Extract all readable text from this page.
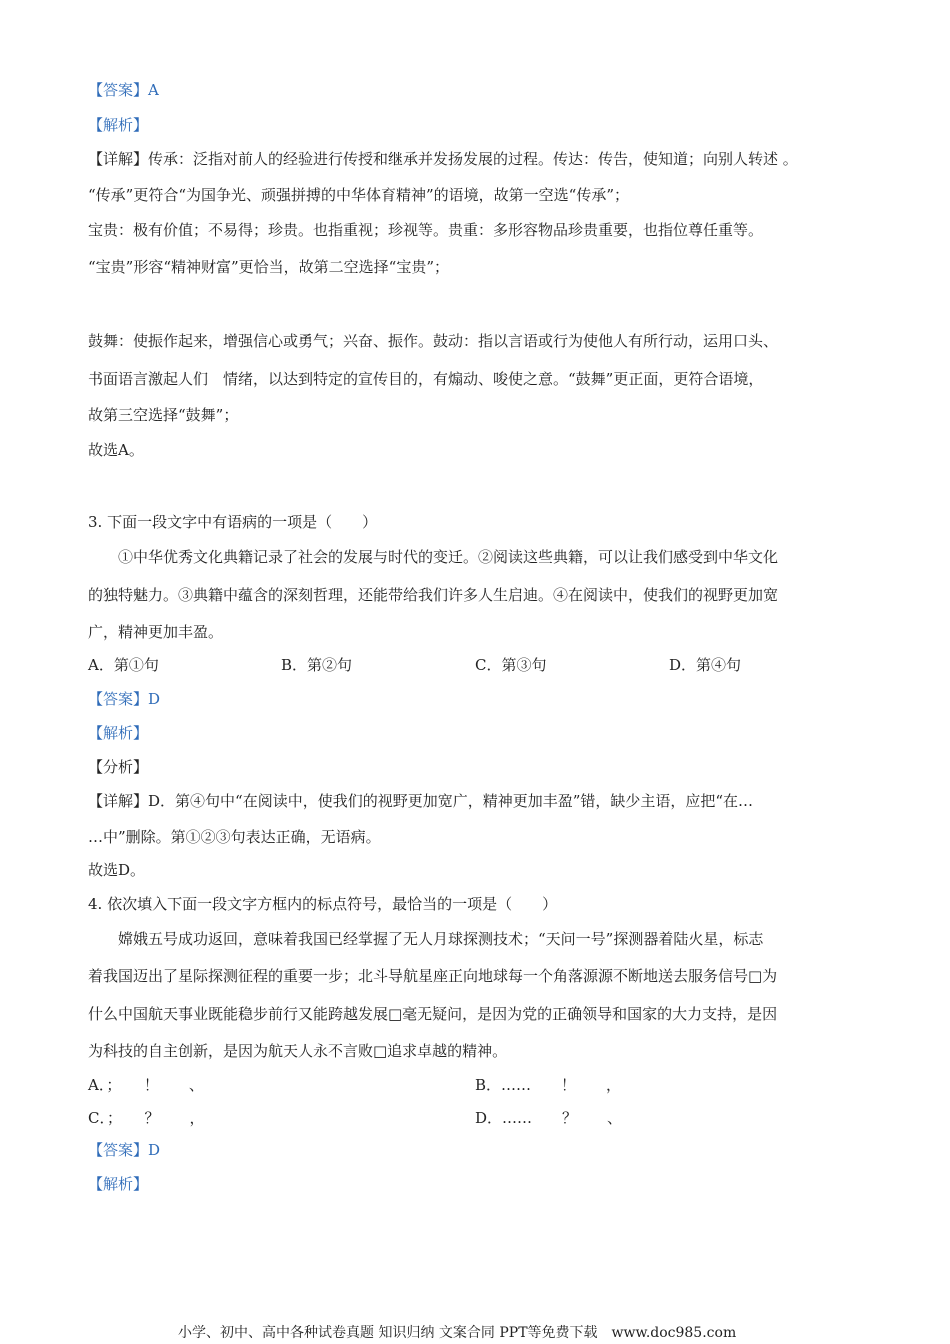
【答案】A
【解析】
【详解】传承：泛指对前人的经验进行传授和继承并发扬发展的过程。传达：传告，使知道；向别人转述 。
“传承”更符合“为国争光、顽强拼搏的中华体育精神”的语境，故第一空选“传承”；
宝贵：极有价值；不易得；珍贵。也指重视；珍视等。贵重：多形容物品珍贵重要，也指位尊任重等。
“宝贵”形容“精神财富”更恰当，故第二空选择“宝贵”；
鼓舞：使振作起来，增强信心或勇气；兴奋、振作。鼓动：指以言语或行为使他人有所行动，运用口头、
书面语言激起人们　情绪，以达到特定的宣传目的，有煽动、唆使之意。“鼓舞”更正面，更符合语境，
故第三空选择“鼓舞”；
故选A。
3. 下面一段文字中有语病的一项是（　　）
①中华优秀文化典籍记录了社会的发展与时代的变迁。②阅读这些典籍，可以让我们感受到中华文化
的独特魅力。③典籍中蕴含的深刻哲理，还能带给我们许多人生启迪。④在阅读中，使我们的视野更加宽
广，精神更加丰盈。
A．第①句	B．第②句	C．第③句	D．第④句
【答案】D
【解析】
【分析】
【详解】D．第④句中“在阅读中，使我们的视野更加宽广，精神更加丰盈”错，缺少主语，应把“在…
…中”删除。第①②③句表达正确，无语病。
故选D。
4. 依次填入下面一段文字方框内的标点符号，最恰当的一项是（　　）
嫦娥五号成功返回，意味着我国已经掌握了无人月球探测技术；“天问一号”探测器着陆火星，标志
着我国迈出了星际探测征程的重要一步；北斗导航星座正向地球每一个角落源源不断地送去服务信号□为
什么中国航天事业既能稳步前行又能跨越发展□毫无疑问，是因为党的正确领导和国家的大力支持，是因
为科技的自主创新，是因为航天人永不言败□追求卓越的精神。
A．；　　！　　、	B．……　　！　　，
C．；　　？　　，	D．……　　？　　、
【答案】D
【解析】
小学、初中、高中各种试卷真题 知识归纳 文案合同 PPT等免费下载　www.doc985.com
